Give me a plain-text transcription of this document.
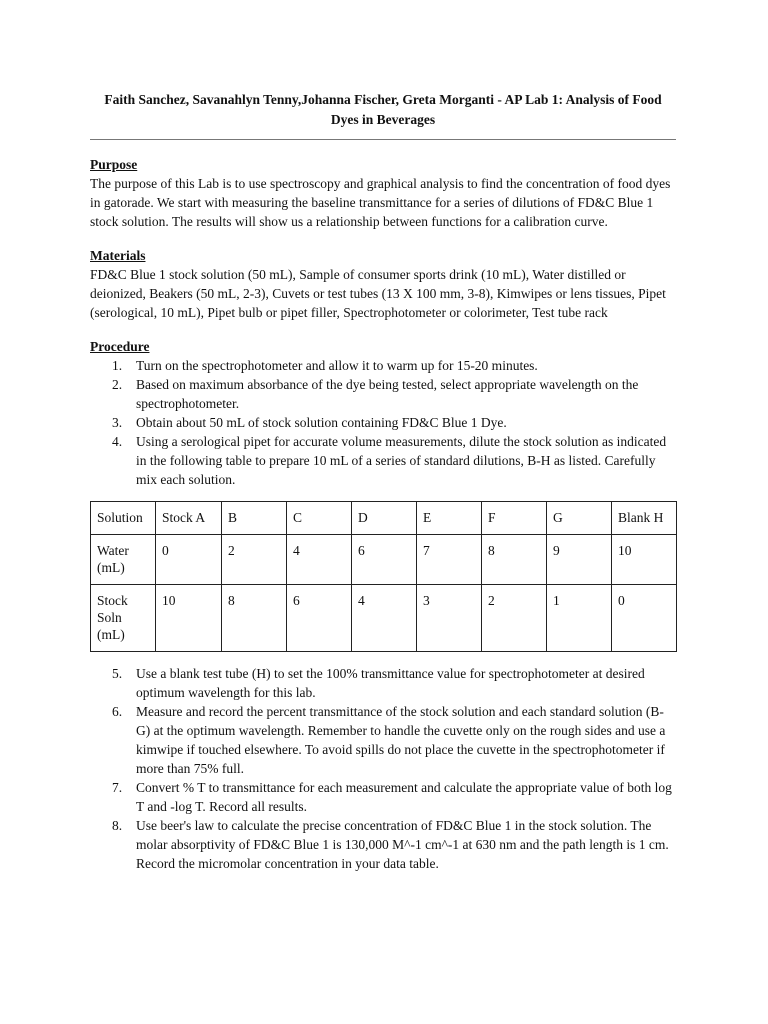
Faith Sanchez, Savanahlyn Tenny,Johanna Fischer, Greta Morganti - AP Lab 1: Analysis of Food Dyes in Beverages

Purpose

The purpose of this Lab is to use spectroscopy and graphical analysis to find the concentration of food dyes in gatorade. We start with measuring the baseline transmittance for a series of dilutions of FD&C Blue 1 stock solution. The results will show us a relationship between functions for a calibration curve.

Materials

FD&C Blue 1 stock solution (50 mL), Sample of consumer sports drink (10 mL), Water distilled or deionized, Beakers (50 mL, 2-3), Cuvets or test tubes (13 X 100 mm, 3-8), Kimwipes or lens tissues, Pipet (serological, 10 mL), Pipet bulb or pipet filler, Spectrophotometer or colorimeter, Test tube rack

Procedure

1. Turn on the spectrophotometer and allow it to warm up for 15-20 minutes.
2. Based on maximum absorbance of the dye being tested, select appropriate wavelength on the spectrophotometer.
3. Obtain about 50 mL of stock solution containing FD&C Blue 1 Dye.
4. Using a serological pipet for accurate volume measurements, dilute the stock solution as indicated in the following table to prepare 10 mL of a series of standard dilutions, B-H as listed. Carefully mix each solution.
Solution	Stock A	B	C	D	E	F	G	Blank H
Water (mL)	0	2	4	6	7	8	9	10
Stock Soln (mL)	10	8	6	4	3	2	1	0
5. Use a blank test tube (H) to set the 100% transmittance value for spectrophotometer at desired optimum wavelength for this lab.
6. Measure and record the percent transmittance of the stock solution and each standard solution (B-G) at the optimum wavelength. Remember to handle the cuvette only on the rough sides and use a kimwipe if touched elsewhere. To avoid spills do not place the cuvette in the spectrophotometer if more than 75% full.
7. Convert % T to transmittance for each measurement and calculate the appropriate value of both log T and -log T. Record all results.
8. Use beer's law to calculate the precise concentration of FD&C Blue 1 in the stock solution. The molar absorptivity of FD&C Blue 1 is 130,000 M^-1 cm^-1 at 630 nm and the path length is 1 cm. Record the micromolar concentration in your data table.
